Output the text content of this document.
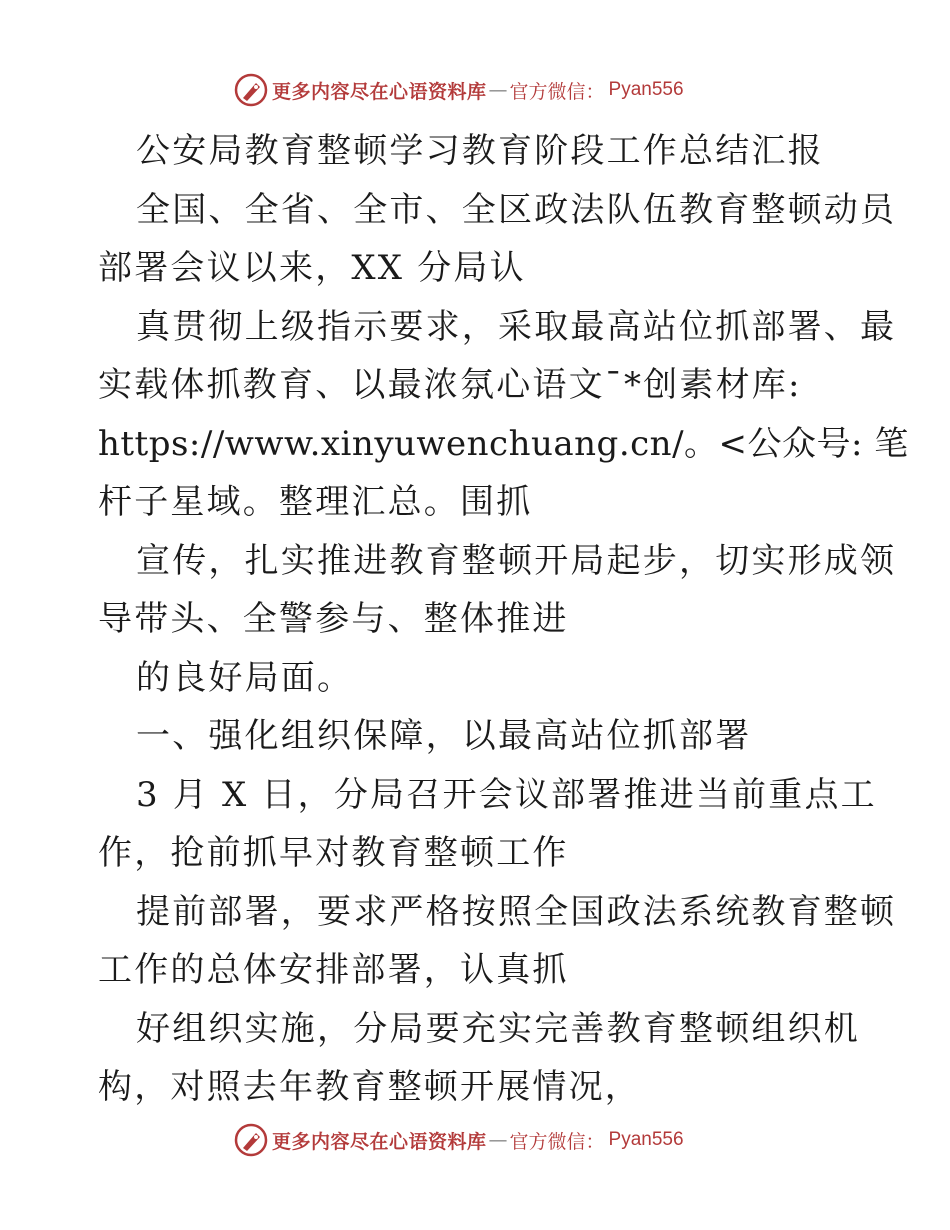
更多内容尽在心语资料库 — 官方微信： Pyan556
公安局教育整顿学习教育阶段工作总结汇报
全国、全省、全市、全区政法队伍教育整顿动员
部署会议以来，XX 分局认
真贯彻上级指示要求，采取最高站位抓部署、最
实载体抓教育、以最浓氛心语文¯*创素材库:
https://www.xinyuwenchuang.cn/。<公众号: 笔
杆子星域。整理汇总。围抓
宣传，扎实推进教育整顿开局起步，切实形成领
导带头、全警参与、整体推进
的良好局面。
一、强化组织保障，以最高站位抓部署
3 月 X 日，分局召开会议部署推进当前重点工
作，抢前抓早对教育整顿工作
提前部署，要求严格按照全国政法系统教育整顿
工作的总体安排部署，认真抓
好组织实施，分局要充实完善教育整顿组织机
构，对照去年教育整顿开展情况，
更多内容尽在心语资料库 — 官方微信： Pyan556
